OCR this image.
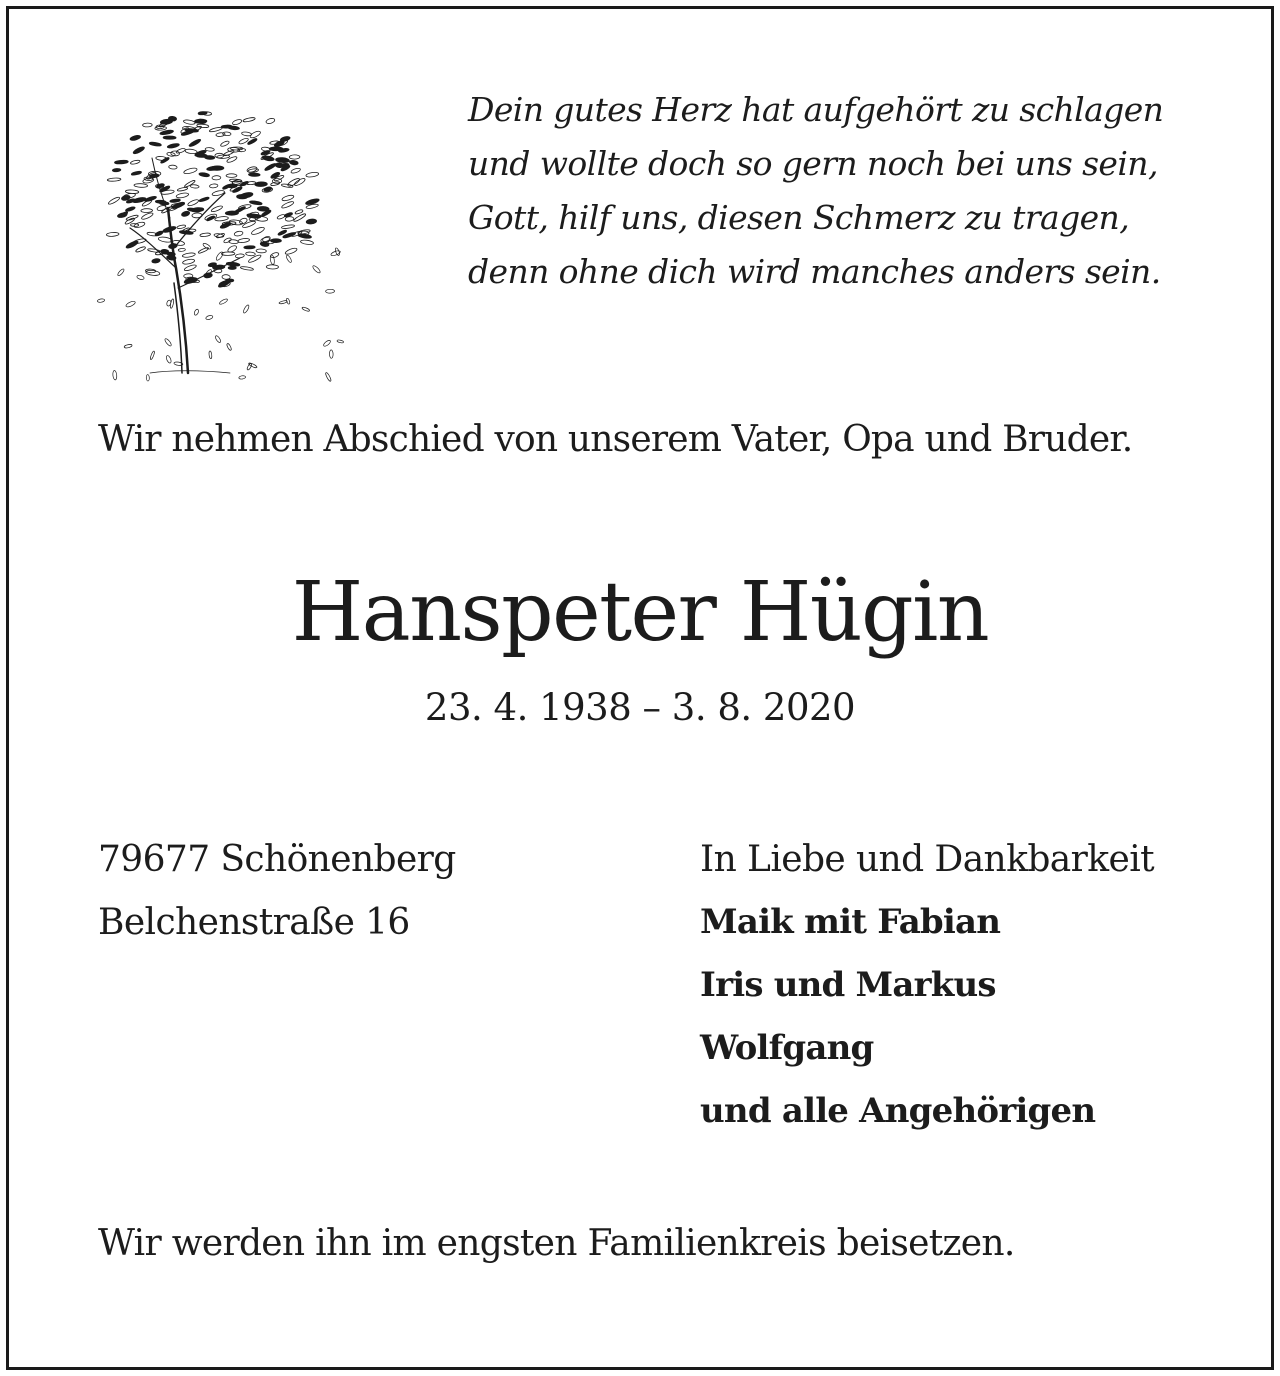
Dein gutes Herz hat aufgehört zu schlagen
und wollte doch so gern noch bei uns sein,
Gott, hilf uns, diesen Schmerz zu tragen,
denn ohne dich wird manches anders sein.
Wir nehmen Abschied von unserem Vater, Opa und Bruder.
Hanspeter Hügin
23. 4. 1938 – 3. 8. 2020
79677 Schönenberg
Belchenstraße 16
In Liebe und Dankbarkeit
Maik mit Fabian
Iris und Markus
Wolfgang
und alle Angehörigen
Wir werden ihn im engsten Familienkreis beisetzen.
